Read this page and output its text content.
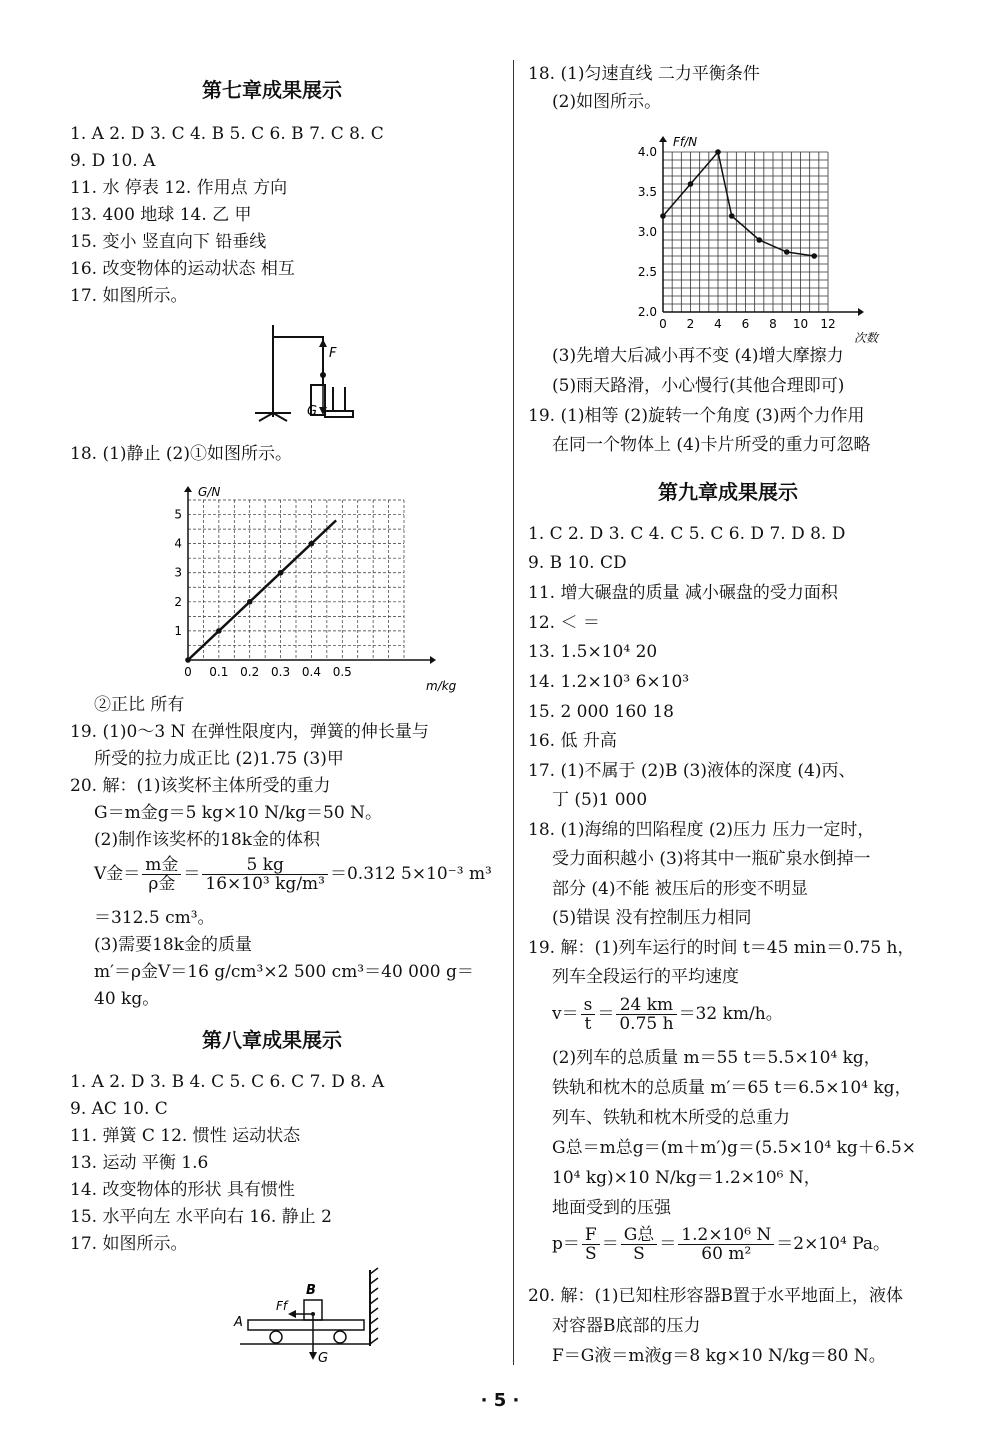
第七章成果展示
1. A 2. D 3. C 4. B 5. C 6. B 7. C 8. C
9. D 10. A
11. 水 停表 12. 作用点 方向
13. 400 地球 14. 乙 甲
15. 变小 竖直向下 铅垂线
16. 改变物体的运动状态 相互
17. 如图所示。
F
G
18. (1)静止 (2)①如图所示。
0 0.1 0.2 0.3 0.4 0.5
1
2
3
4
5
m/kg
G/N
②正比 所有
19. (1)0～3 N 在弹性限度内，弹簧的伸长量与
所受的拉力成正比 (2)1.75 (3)甲
20. 解：(1)该奖杯主体所受的重力
G＝m金g＝5 kg×10 N/kg＝50 N。
(2)制作该奖杯的18k金的体积
V金＝ $\frac{\text{m金}}{\text{ρ金}} = \frac{5 kg}{\text{16×10³ kg/m³}} =0.312$ 5×10⁻³ m³
＝312.5 cm³。
(3)需要18k金的质量
m′＝ρ金V＝16 g/cm³×2 500 cm³＝40 000 g＝
40 kg。
第八章成果展示
1. A 2. D 3. B 4. C 5. C 6. C 7. D 8. A
9. AC 10. C
11. 弹簧 C 12. 惯性 运动状态
13. 运动 平衡 1.6
14. 改变物体的形状 具有惯性
15. 水平向左 水平向右 16. 静止 2
17. 如图所示。
B
Ff
A
G
18. (1)匀速直线 二力平衡条件
(2)如图所示。
0 2 4 6 8 10 12
2.0
2.5
3.0
3.5
4.0
次数
Ff/N
(3)先增大后减小再不变 (4)增大摩擦力
(5)雨天路滑，小心慢行(其他合理即可)
19. (1)相等 (2)旋转一个角度 (3)两个力作用
在同一个物体上 (4)卡片所受的重力可忽略
第九章成果展示
1. C 2. D 3. C 4. C 5. C 6. D 7. D 8. D
9. B 10. CD
11. 增大碾盘的质量 减小碾盘的受力面积
12. ＜ ＝
13. 1.5×10⁴ 20
14. 1.2×10³ 6×10³
15. 2 000 160 18
16. 低 升高
17. (1)不属于 (2)B (3)液体的深度 (4)丙、
丁 (5)1 000
18. (1)海绵的凹陷程度 (2)压力 压力一定时，
受力面积越小 (3)将其中一瓶矿泉水倒掉一
部分 (4)不能 被压后的形变不明显
(5)错误 没有控制压力相同
19. 解：(1)列车运行的时间 t＝45 min＝0.75 h，
列车全段运行的平均速度
$v= \frac{s}{t} = \frac{24 km}{0.75 h} =32$ km/h。
(2)列车的总质量 m＝55 t＝5.5×10⁴ kg，
铁轨和枕木的总质量 m′＝65 t＝6.5×10⁴ kg，
列车、铁轨和枕木所受的总重力
G总＝m总g＝(m＋m′)g＝(5.5×10⁴ kg＋6.5×
10⁴ kg)×10 N/kg＝1.2×10⁶ N，
地面受到的压强
$p= \frac{F}{S} = \frac{\text{G总}}{S} = \frac{\text{1.2×10⁶ N}}{\text{60 m²}} =2\times 10^4$ Pa。
20. 解：(1)已知柱形容器B置于水平地面上，液体
对容器B底部的压力
F＝G液＝m液g＝8 kg×10 N/kg＝80 N。
· 5 ·
